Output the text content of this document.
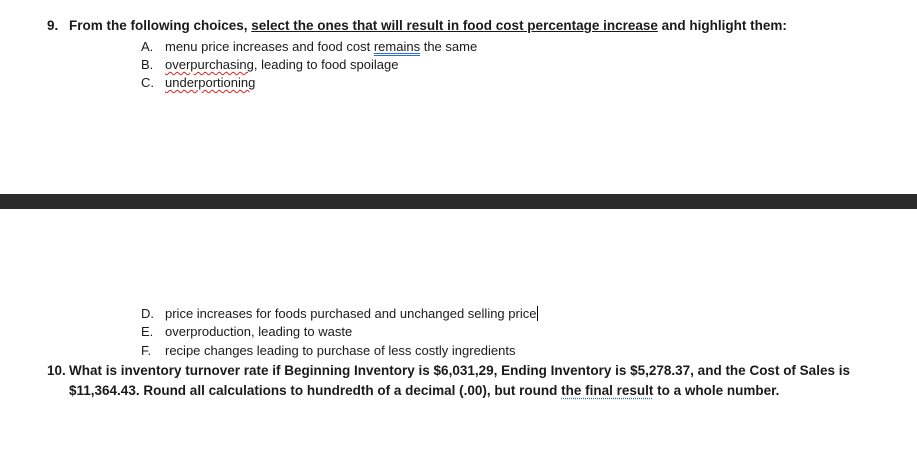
9. From the following choices, select the ones that will result in food cost percentage increase and highlight them:
A. menu price increases and food cost remains the same
B. overpurchasing, leading to food spoilage
C. underportioning
D. price increases for foods purchased and unchanged selling price
E. overproduction, leading to waste
F. recipe changes leading to purchase of less costly ingredients
10. What is inventory turnover rate if Beginning Inventory is $6,031,29, Ending Inventory is $5,278.37, and the Cost of Sales is
$11,364.43. Round all calculations to hundredth of a decimal (.00), but round the final result to a whole number.
